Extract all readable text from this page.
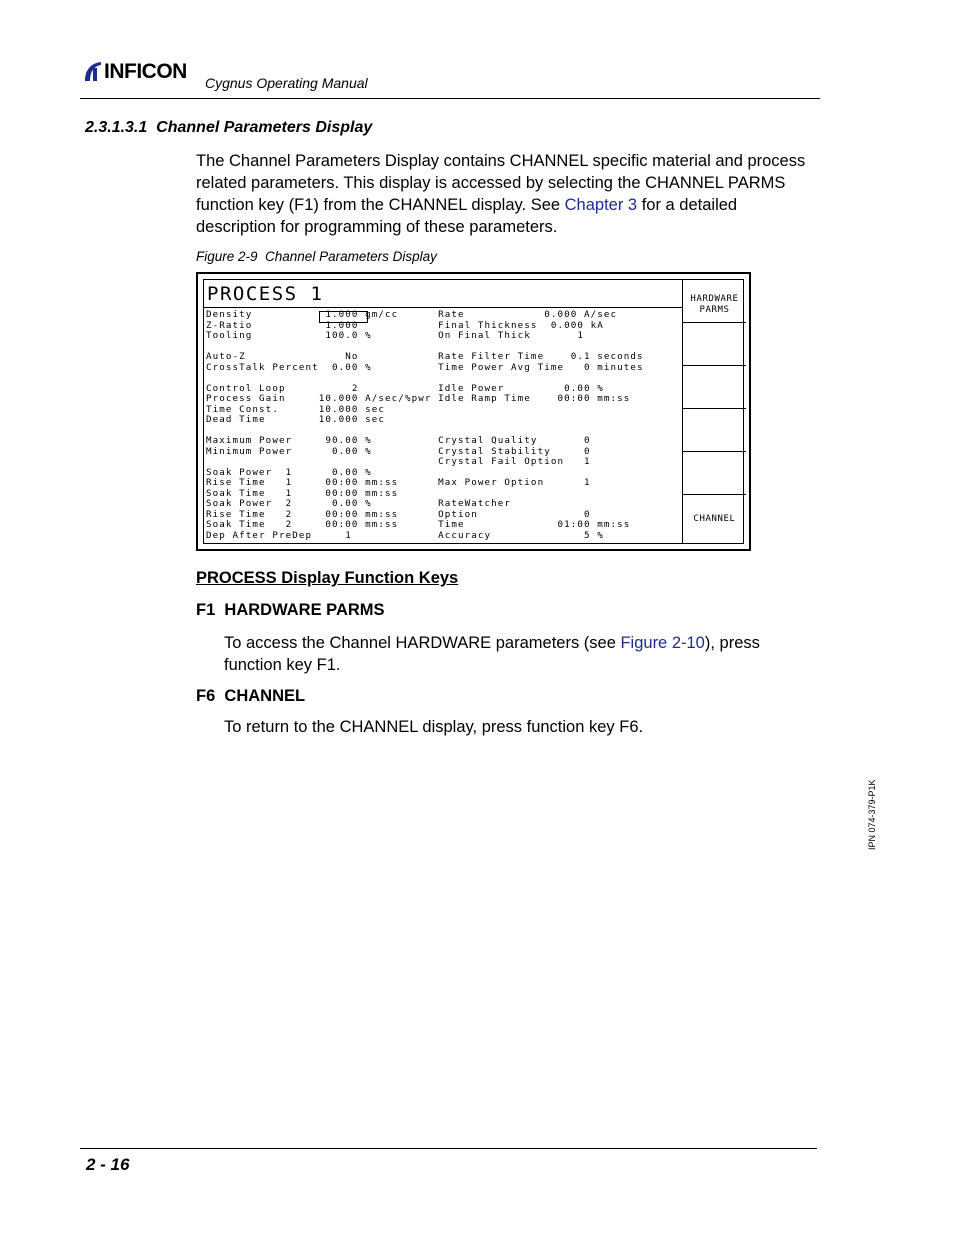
INFICON Cygnus Operating Manual
2.3.1.3.1  Channel Parameters Display
The Channel Parameters Display contains CHANNEL specific material and process related parameters. This display is accessed by selecting the CHANNEL PARMS function key (F1) from the CHANNEL display. See Chapter 3 for a detailed description for programming of these parameters.
Figure 2-9  Channel Parameters Display
PROCESS 1
Density           1.000 gm/cc      Rate            0.000 A/sec
Z-Ratio           1.000            Final Thickness  0.000 kA
Tooling           100.0 %          On Final Thick       1
Auto-Z               No            Rate Filter Time    0.1 seconds
CrossTalk Percent  0.00 %          Time Power Avg Time   0 minutes
Control Loop          2            Idle Power         0.00 %
Process Gain     10.000 A/sec/%pwr Idle Ramp Time    00:00 mm:ss
Time Const.      10.000 sec
Dead Time        10.000 sec
Maximum Power     90.00 %          Crystal Quality       0
Minimum Power      0.00 %          Crystal Stability     0
Crystal Fail Option   1
Soak Power  1      0.00 %
Rise Time   1     00:00 mm:ss      Max Power Option      1
Soak Time   1     00:00 mm:ss
Soak Power  2      0.00 %          RateWatcher
Rise Time   2     00:00 mm:ss      Option                0
Soak Time   2     00:00 mm:ss      Time              01:00 mm:ss
Dep After PreDep     1             Accuracy              5 %
HARDWARE
PARMS
CHANNEL
PROCESS Display Function Keys
F1  HARDWARE PARMS
To access the Channel HARDWARE parameters (see Figure 2-10), press function key F1.
F6  CHANNEL
To return to the CHANNEL display, press function key F6.
IPN 074-379-P1K
2 - 16
